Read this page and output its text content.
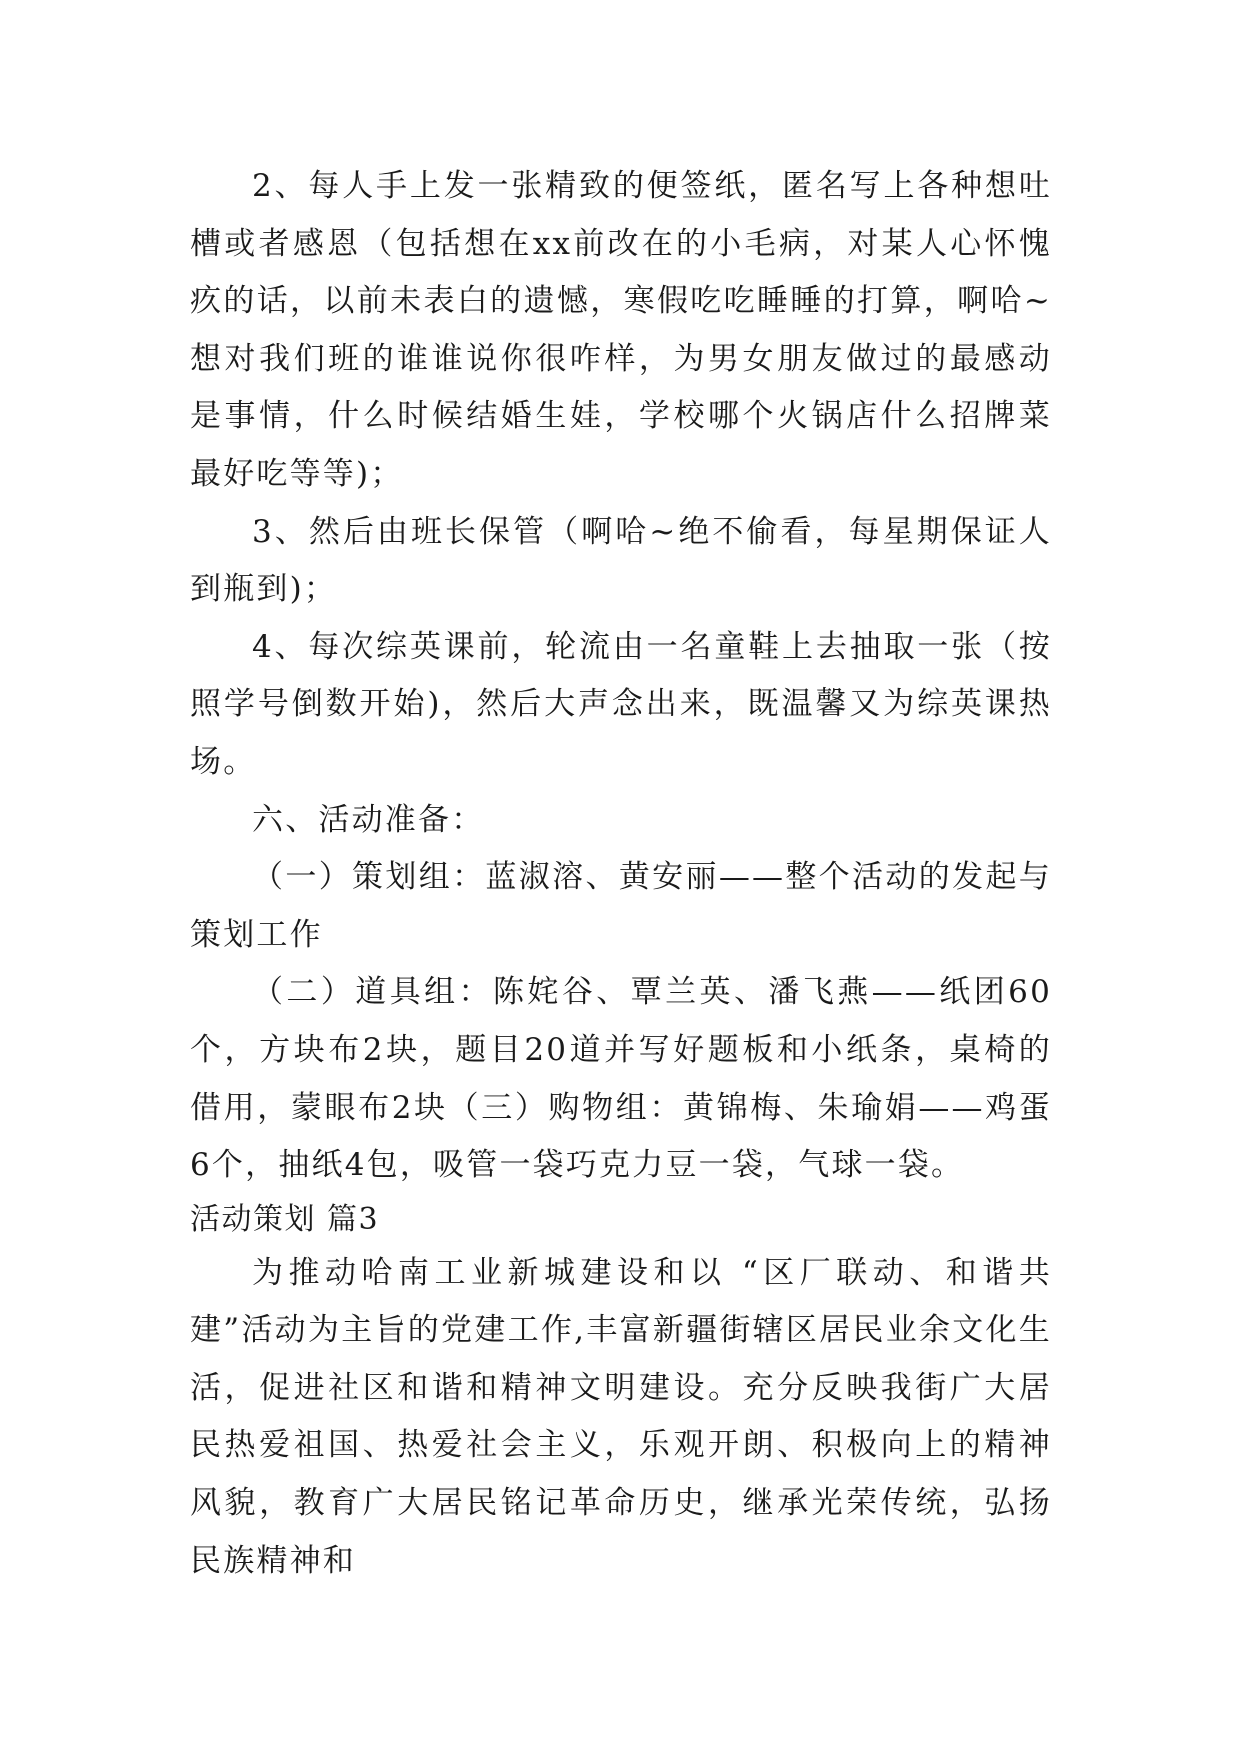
2、每人手上发一张精致的便签纸，匿名写上各种想吐槽或者感恩（包括想在xx前改在的小毛病，对某人心怀愧疚的话，以前未表白的遗憾，寒假吃吃睡睡的打算，啊哈~想对我们班的谁谁说你很咋样，为男女朋友做过的最感动是事情，什么时候结婚生娃，学校哪个火锅店什么招牌菜最好吃等等)；

3、然后由班长保管（啊哈~绝不偷看，每星期保证人到瓶到)；

4、每次综英课前，轮流由一名童鞋上去抽取一张（按照学号倒数开始)，然后大声念出来，既温馨又为综英课热场。

六、活动准备：

（一）策划组：蓝淑溶、黄安丽——整个活动的发起与策划工作

（二）道具组：陈姹谷、覃兰英、潘飞燕——纸团60个，方块布2块，题目20道并写好题板和小纸条，桌椅的借用，蒙眼布2块（三）购物组：黄锦梅、朱瑜娟——鸡蛋6个，抽纸4包，吸管一袋巧克力豆一袋，气球一袋。

活动策划 篇3

为推动哈南工业新城建设和以 “区厂联动、和谐共建”活动为主旨的党建工作,丰富新疆街辖区居民业余文化生活，促进社区和谐和精神文明建设。充分反映我街广大居民热爱祖国、热爱社会主义，乐观开朗、积极向上的精神风貌，教育广大居民铭记革命历史，继承光荣传统，弘扬民族精神和
